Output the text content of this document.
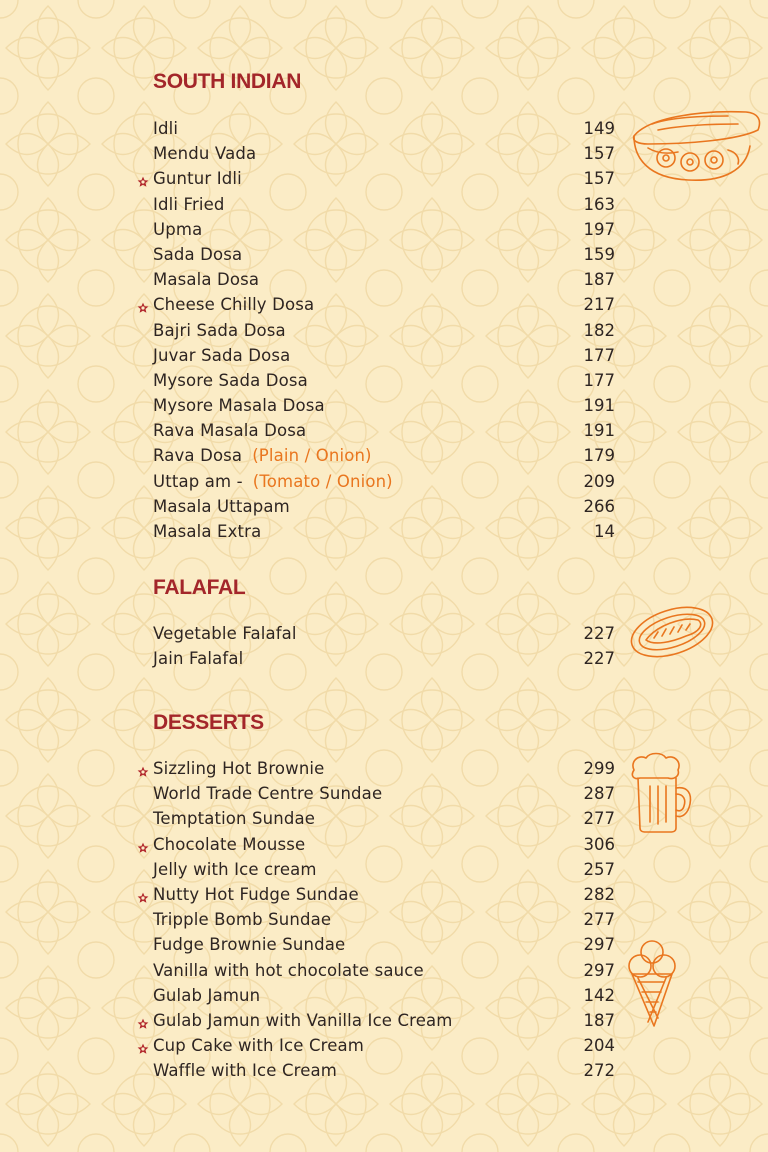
SOUTH INDIAN
FALAFAL
DESSERTS
Idli	149
Mendu Vada	157
Guntur Idli	157
Idli Fried	163
Upma	197
Sada Dosa	159
Masala Dosa	187
Cheese Chilly Dosa	217
Bajri Sada Dosa	182
Juvar Sada Dosa	177
Mysore Sada Dosa	177
Mysore Masala Dosa	191
Rava Masala Dosa	191
Rava Dosa (Plain / Onion)	179
Uttap am - (Tomato / Onion)	209
Masala Uttapam	266
Masala Extra	14
Vegetable Falafal	227
Jain Falafal	227
Sizzling Hot Brownie	299
World Trade Centre Sundae	287
Temptation Sundae	277
Chocolate Mousse	306
Jelly with Ice cream	257
Nutty Hot Fudge Sundae	282
Tripple Bomb Sundae	277
Fudge Brownie Sundae	297
Vanilla with hot chocolate sauce	297
Gulab Jamun	142
Gulab Jamun with Vanilla Ice Cream	187
Cup Cake with Ice Cream	204
Waffle with Ice Cream	272
